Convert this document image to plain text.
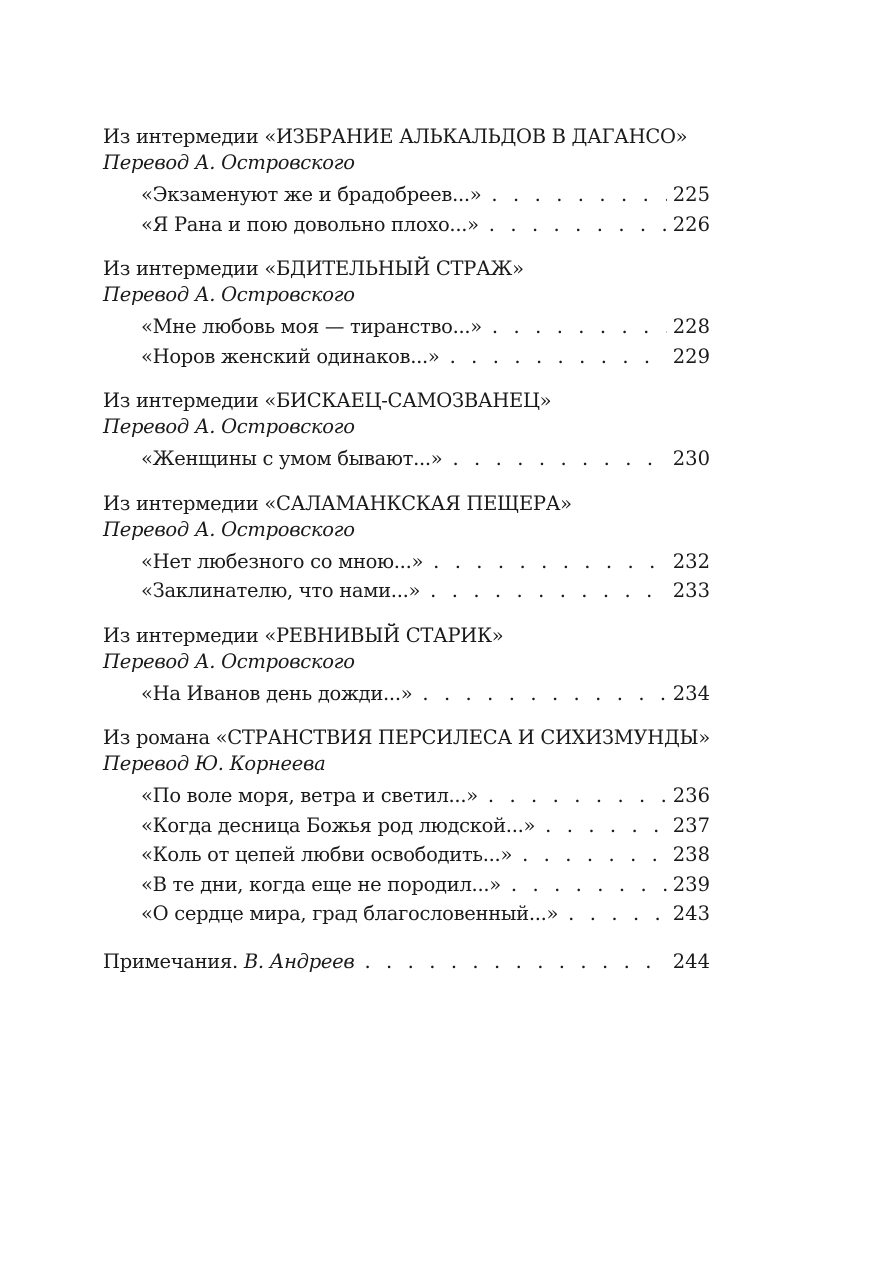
Из интермедии «ИЗБРАНИЕ АЛЬКАЛЬДОВ В ДАГАНСО»
Перевод А. Островского
«Экзаменуют же и брадобреев...» . . .	225
«Я Рана и пою довольно плохо...» . . .	226
Из интермедии «БДИТЕЛЬНЫЙ СТРАЖ»
Перевод А. Островского
«Мне любовь моя — тиранство...» . . .	228
«Норов женский одинаков...» . . .	229
Из интермедии «БИСКАЕЦ-САМОЗВАНЕЦ»
Перевод А. Островского
«Женщины с умом бывают...» . . .	230
Из интермедии «САЛАМАНКСКАЯ ПЕЩЕРА»
Перевод А. Островского
«Нет любезного со мною...» . . .	232
«Заклинателю, что нами...» . . .	233
Из интермедии «РЕВНИВЫЙ СТАРИК»
Перевод А. Островского
«На Иванов день дожди...» . . .	234
Из романа «СТРАНСТВИЯ ПЕРСИЛЕСА И СИХИЗМУНДЫ»
Перевод Ю. Корнеева
«По воле моря, ветра и светил...» . . .	236
«Когда десница Божья род людской...» . . .	237
«Коль от цепей любви освободить...» . . .	238
«В те дни, когда еще не породил...» . . .	239
«О сердце мира, град благословенный...» . . .	243
Примечания. В. Андреев . . .	244
